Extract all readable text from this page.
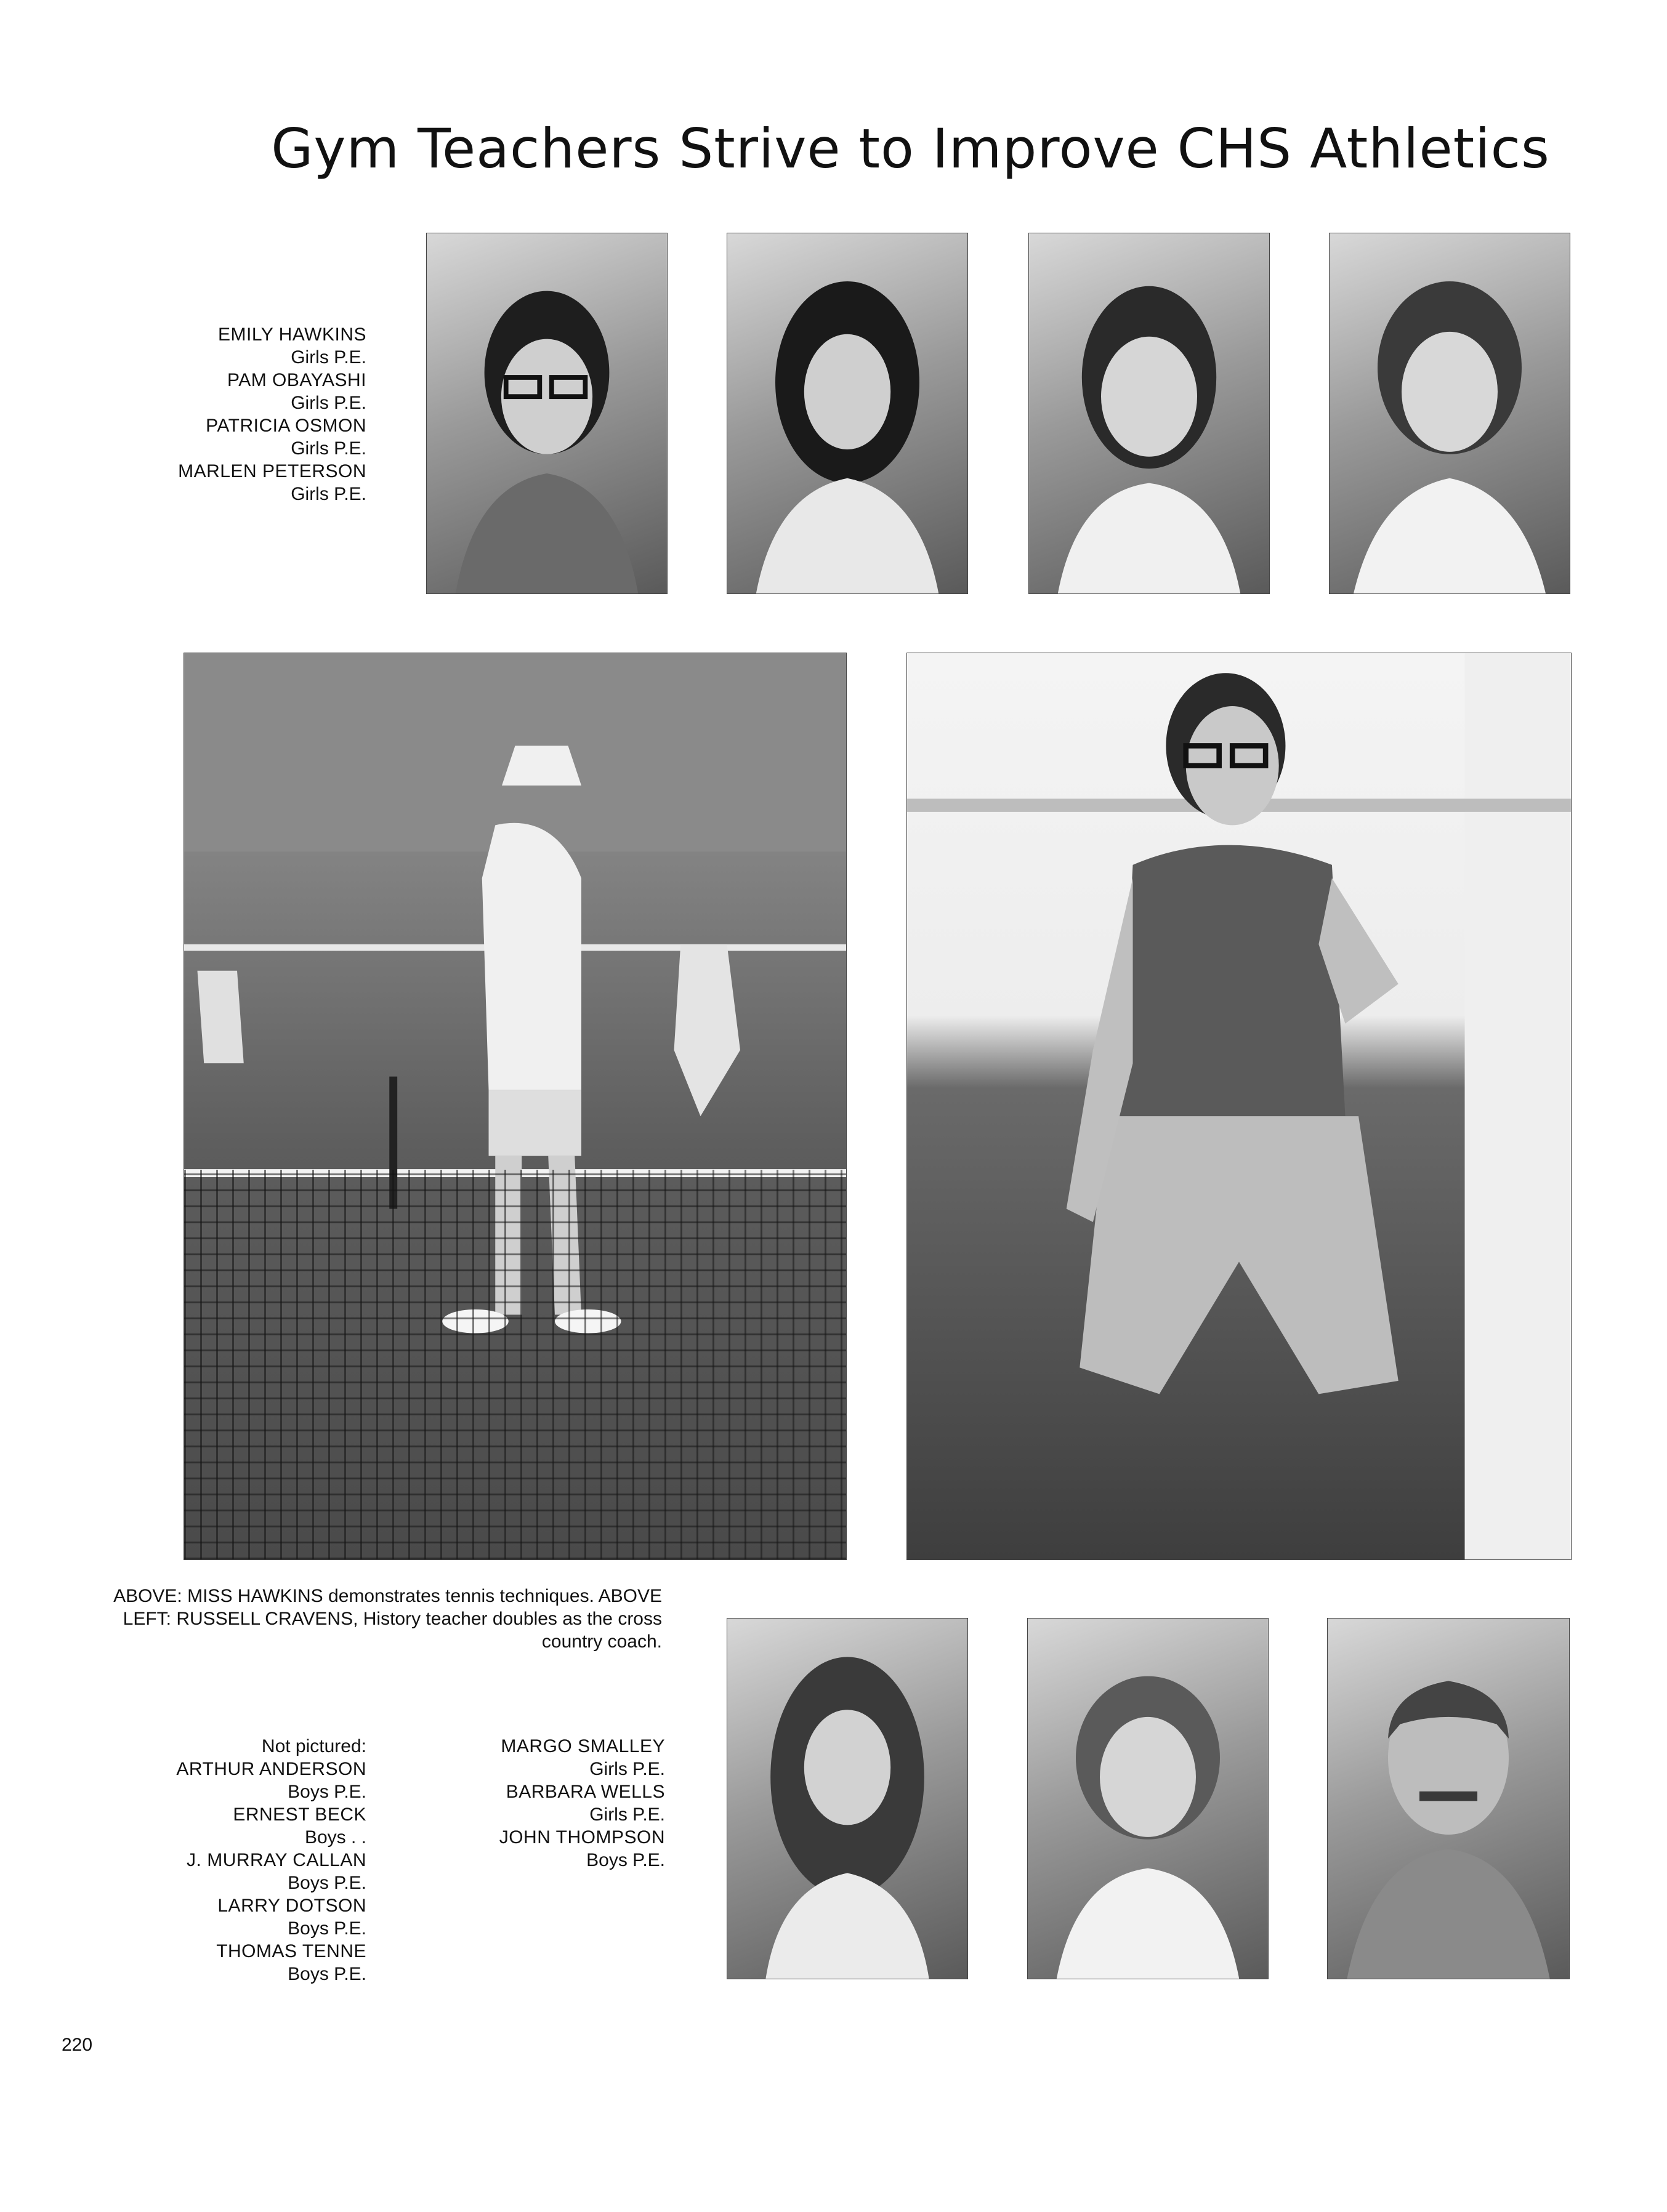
Gym Teachers Strive to Improve CHS Athletics
EMILY HAWKINS
Girls P.E.
PAM OBAYASHI
Girls P.E.
PATRICIA OSMON
Girls P.E.
MARLEN PETERSON
Girls P.E.
ABOVE: MISS HAWKINS demonstrates tennis techniques. ABOVE
LEFT: RUSSELL CRAVENS, History teacher doubles as the cross
country coach.
Not pictured:
ARTHUR ANDERSON
Boys P.E.
ERNEST BECK
Boys . .
J. MURRAY CALLAN
Boys P.E.
LARRY DOTSON
Boys P.E.
THOMAS TENNE
Boys P.E.
MARGO SMALLEY
Girls P.E.
BARBARA WELLS
Girls P.E.
JOHN THOMPSON
Boys P.E.
220
